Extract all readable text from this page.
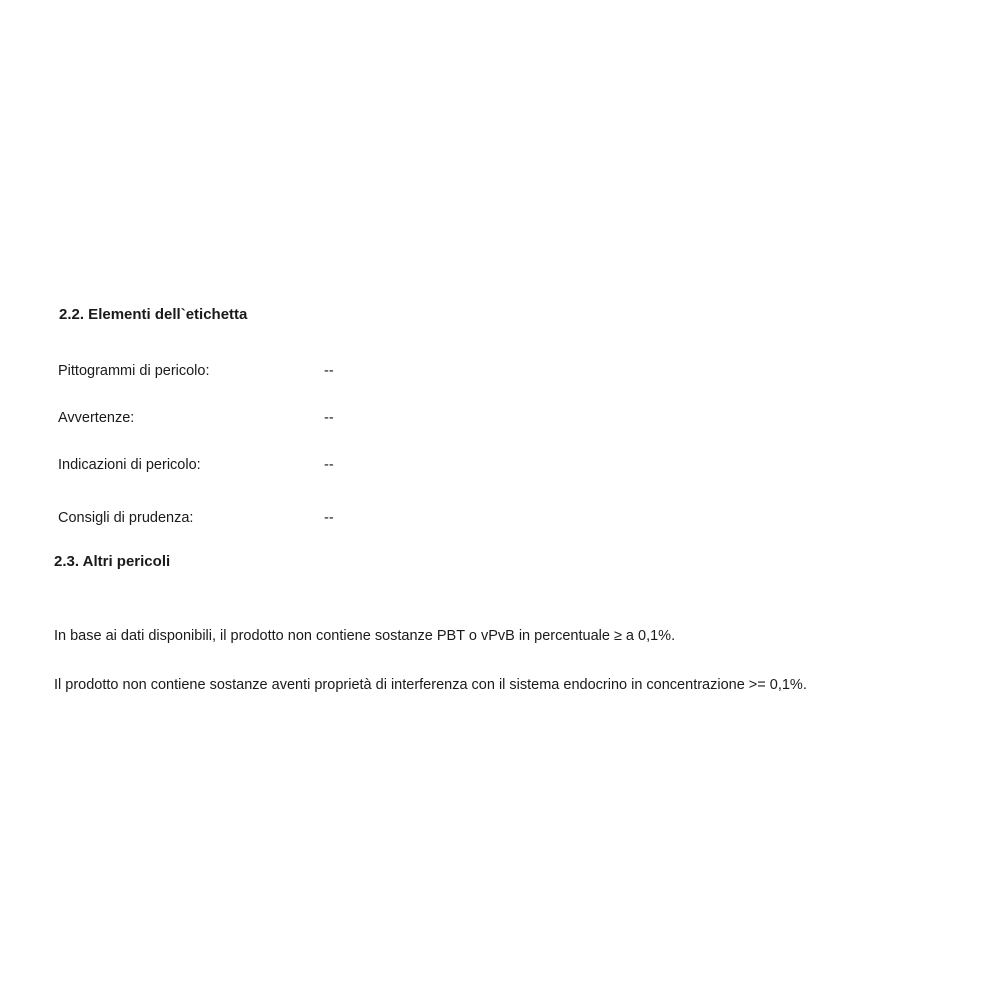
2.2. Elementi dell`etichetta
Pittogrammi di pericolo:	--
Avvertenze:	--
Indicazioni di pericolo:	--
Consigli di prudenza:	--
2.3. Altri pericoli

In base ai dati disponibili, il prodotto non contiene sostanze PBT o vPvB in percentuale ≥ a 0,1%.

Il prodotto non contiene sostanze aventi proprietà di interferenza con il sistema endocrino in concentrazione >= 0,1%.
